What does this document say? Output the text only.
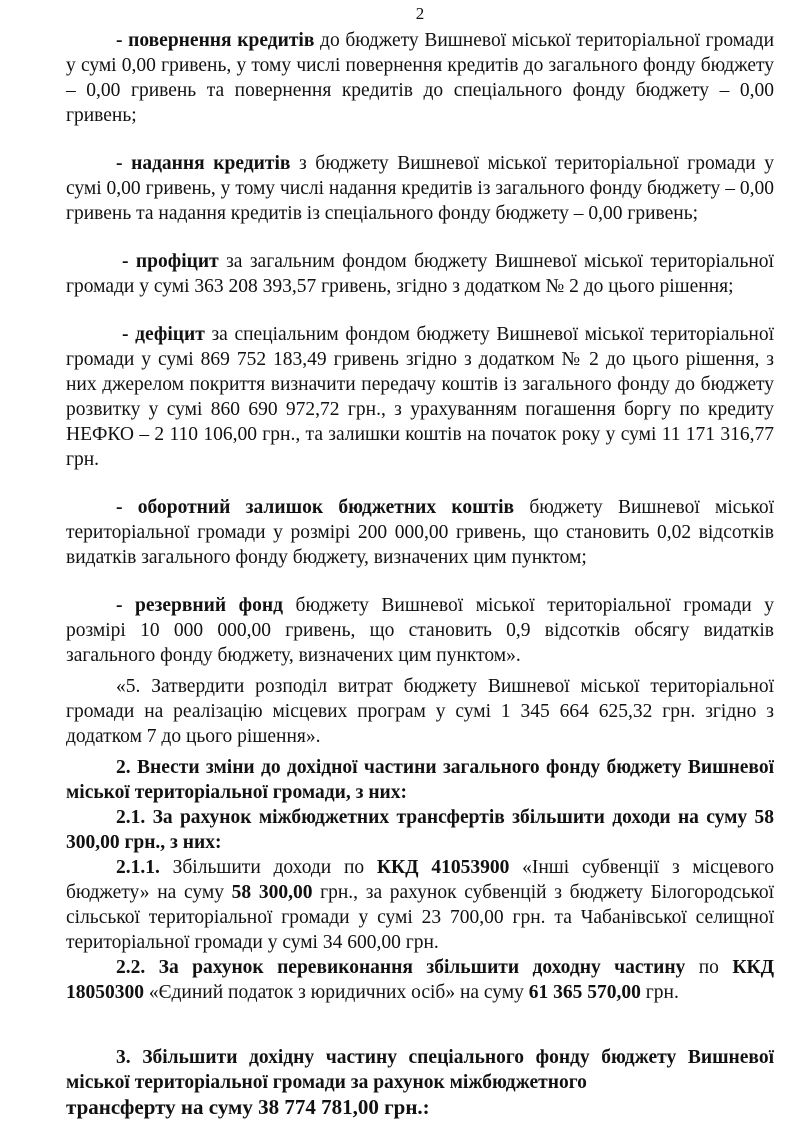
2

- повернення кредитів до бюджету Вишневої міської територіальної громади у сумі 0,00 гривень, у тому числі повернення кредитів до загального фонду бюджету – 0,00 гривень та повернення кредитів до спеціального фонду бюджету – 0,00 гривень;

- надання кредитів з бюджету Вишневої міської територіальної громади у сумі 0,00 гривень, у тому числі надання кредитів із загального фонду бюджету – 0,00 гривень та надання кредитів із спеціального фонду бюджету – 0,00 гривень;

- профіцит за загальним фондом бюджету Вишневої міської територіальної громади у сумі 363 208 393,57 гривень, згідно з додатком № 2 до цього рішення;

- дефіцит за спеціальним фондом бюджету Вишневої міської територіальної громади у сумі 869 752 183,49 гривень згідно з додатком № 2 до цього рішення, з них джерелом покриття визначити передачу коштів із загального фонду до бюджету розвитку у сумі 860 690 972,72 грн., з урахуванням погашення боргу по кредиту НЕФКО – 2 110 106,00 грн., та залишки коштів на початок року у сумі 11 171 316,77 грн.

- оборотний залишок бюджетних коштів бюджету Вишневої міської територіальної громади у розмірі 200 000,00 гривень, що становить 0,02 відсотків видатків загального фонду бюджету, визначених цим пунктом;

- резервний фонд бюджету Вишневої міської територіальної громади у розмірі 10 000 000,00 гривень, що становить 0,9 відсотків обсягу видатків загального фонду бюджету, визначених цим пунктом».

«5. Затвердити розподіл витрат бюджету Вишневої міської територіальної громади на реалізацію місцевих програм у сумі 1 345 664 625,32 грн. згідно з додатком 7 до цього рішення».

2. Внести зміни до дохідної частини загального фонду бюджету Вишневої міської територіальної громади, з них:

2.1. За рахунок міжбюджетних трансфертів збільшити доходи на суму 58 300,00 грн., з них:

2.1.1. Збільшити доходи по ККД 41053900 «Інші субвенції з місцевого бюджету» на суму 58 300,00 грн., за рахунок субвенцій з бюджету Білогородської сільської територіальної громади у сумі 23 700,00 грн. та Чабанівської селищної територіальної громади у сумі 34 600,00 грн.

2.2. За рахунок перевиконання збільшити доходну частину по ККД 18050300 «Єдиний податок з юридичних осіб» на суму 61 365 570,00 грн.

3. Збільшити дохідну частину спеціального фонду бюджету Вишневої міської територіальної громади за рахунок міжбюджетного

трансферту на суму 38 774 781,00 грн.:
